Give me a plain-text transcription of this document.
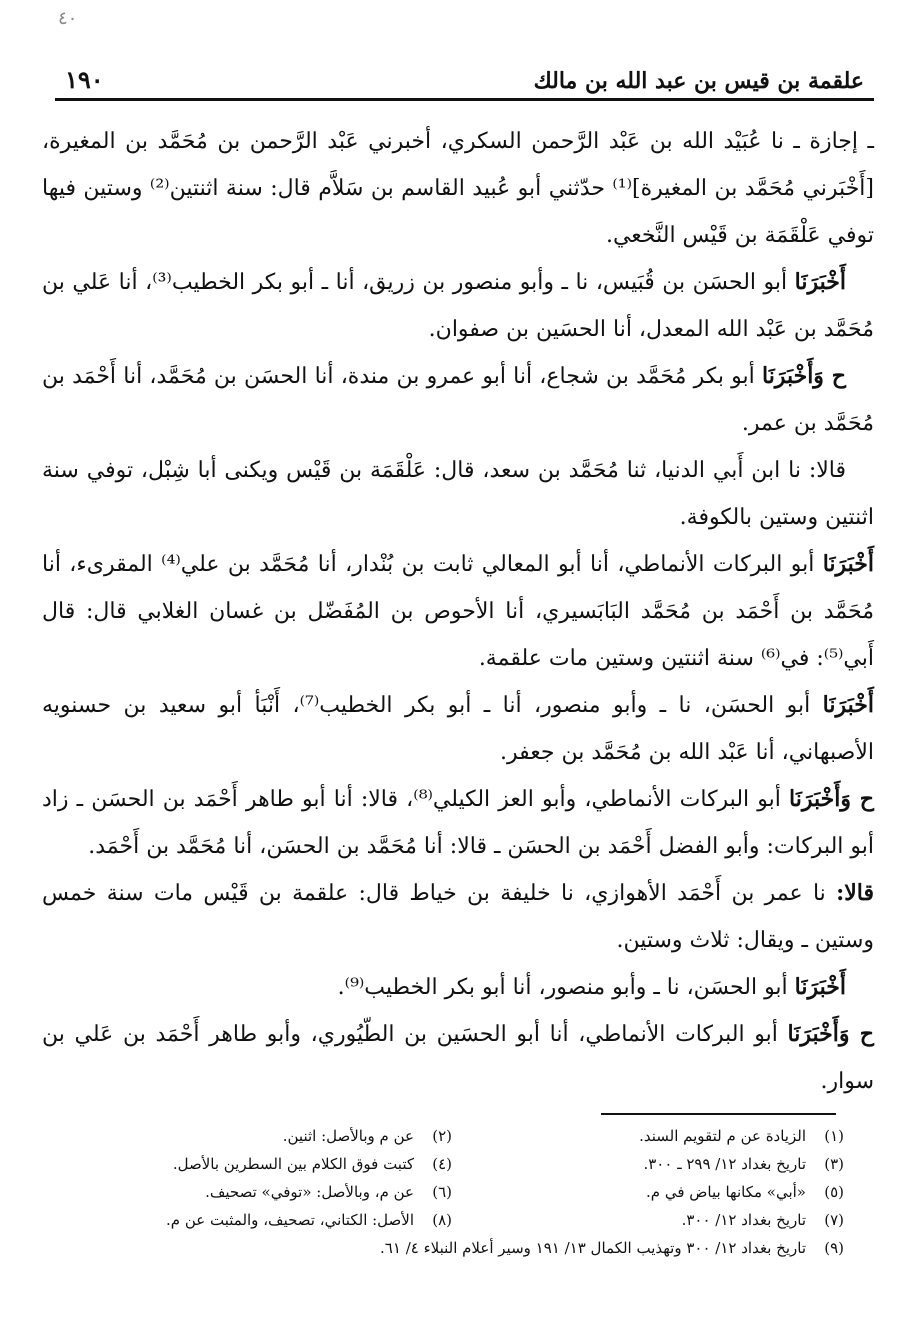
٤٠
١٩٠	علقمة بن قيس بن عبد الله بن مالك

ـ إجازة ـ نا عُبَيْد الله بن عَبْد الرَّحمن السكري، أخبرني عَبْد الرَّحمن بن مُحَمَّد بن المغيرة، [أَخْبَرني مُحَمَّد بن المغيرة]⁽¹⁾ حدّثني أبو عُبيد القاسم بن سَلاَّم قال: سنة اثنتين⁽²⁾ وستين فيها توفي عَلْقَمَة بن قَيْس النَّخعي.

أَخْبَرَنَا أبو الحسَن بن قُبَيس، نا ـ وأبو منصور بن زريق، أنا ـ أبو بكر الخطيب⁽³⁾، أنا عَلي بن مُحَمَّد بن عَبْد الله المعدل، أنا الحسَين بن صفوان.

ح وَأَخْبَرَنَا أبو بكر مُحَمَّد بن شجاع، أنا أبو عمرو بن مندة، أنا الحسَن بن مُحَمَّد، أنا أَحْمَد بن مُحَمَّد بن عمر.

قالا: نا ابن أَبي الدنيا، ثنا مُحَمَّد بن سعد، قال: عَلْقَمَة بن قَيْس ويكنى أبا شِبْل، توفي سنة اثنتين وستين بالكوفة.

أَخْبَرَنَا أبو البركات الأنماطي، أنا أبو المعالي ثابت بن بُنْدار، أنا مُحَمَّد بن علي⁽⁴⁾ المقرىء، أنا مُحَمَّد بن أَحْمَد بن مُحَمَّد البَابَسيري، أنا الأحوص بن المُفَضّل بن غسان الغلابي قال: قال أَبي⁽⁵⁾: في⁽⁶⁾ سنة اثنتين وستين مات علقمة.

أَخْبَرَنَا أبو الحسَن، نا ـ وأبو منصور، أنا ـ أبو بكر الخطيب⁽⁷⁾، أَنْبَأ أبو سعيد بن حسنويه الأصبهاني، أنا عَبْد الله بن مُحَمَّد بن جعفر.

ح وَأَخْبَرَنَا أبو البركات الأنماطي، وأبو العز الكيلي⁽⁸⁾، قالا: أنا أبو طاهر أَحْمَد بن الحسَن ـ زاد أبو البركات: وأبو الفضل أَحْمَد بن الحسَن ـ قالا: أنا مُحَمَّد بن الحسَن، أنا مُحَمَّد بن أَحْمَد.

قالا: نا عمر بن أَحْمَد الأهوازي، نا خليفة بن خياط قال: علقمة بن قَيْس مات سنة خمس وستين ـ ويقال: ثلاث وستين.

أَخْبَرَنَا أبو الحسَن، نا ـ وأبو منصور، أنا أبو بكر الخطيب⁽⁹⁾.

ح وَأَخْبَرَنَا أبو البركات الأنماطي، أنا أبو الحسَين بن الطّيُوري، وأبو طاهر أَحْمَد بن عَلي بن سوار.

(١)الزيادة عن م لتقويم السند.
(٢)عن م وبالأصل: اثنين.
(٣)تاريخ بغداد ١٢/ ٢٩٩ ـ ٣٠٠.
(٤)كتبت فوق الكلام بين السطرين بالأصل.
(٥)«أبي» مكانها بياض في م.
(٦)عن م، وبالأصل: «توفي» تصحيف.
(٧)تاريخ بغداد ١٢/ ٣٠٠.
(٨)الأصل: الكتاني، تصحيف، والمثبت عن م.
(٩)تاريخ بغداد ١٢/ ٣٠٠ وتهذيب الكمال ١٣/ ١٩١ وسير أعلام النبلاء ٤/ ٦١.
